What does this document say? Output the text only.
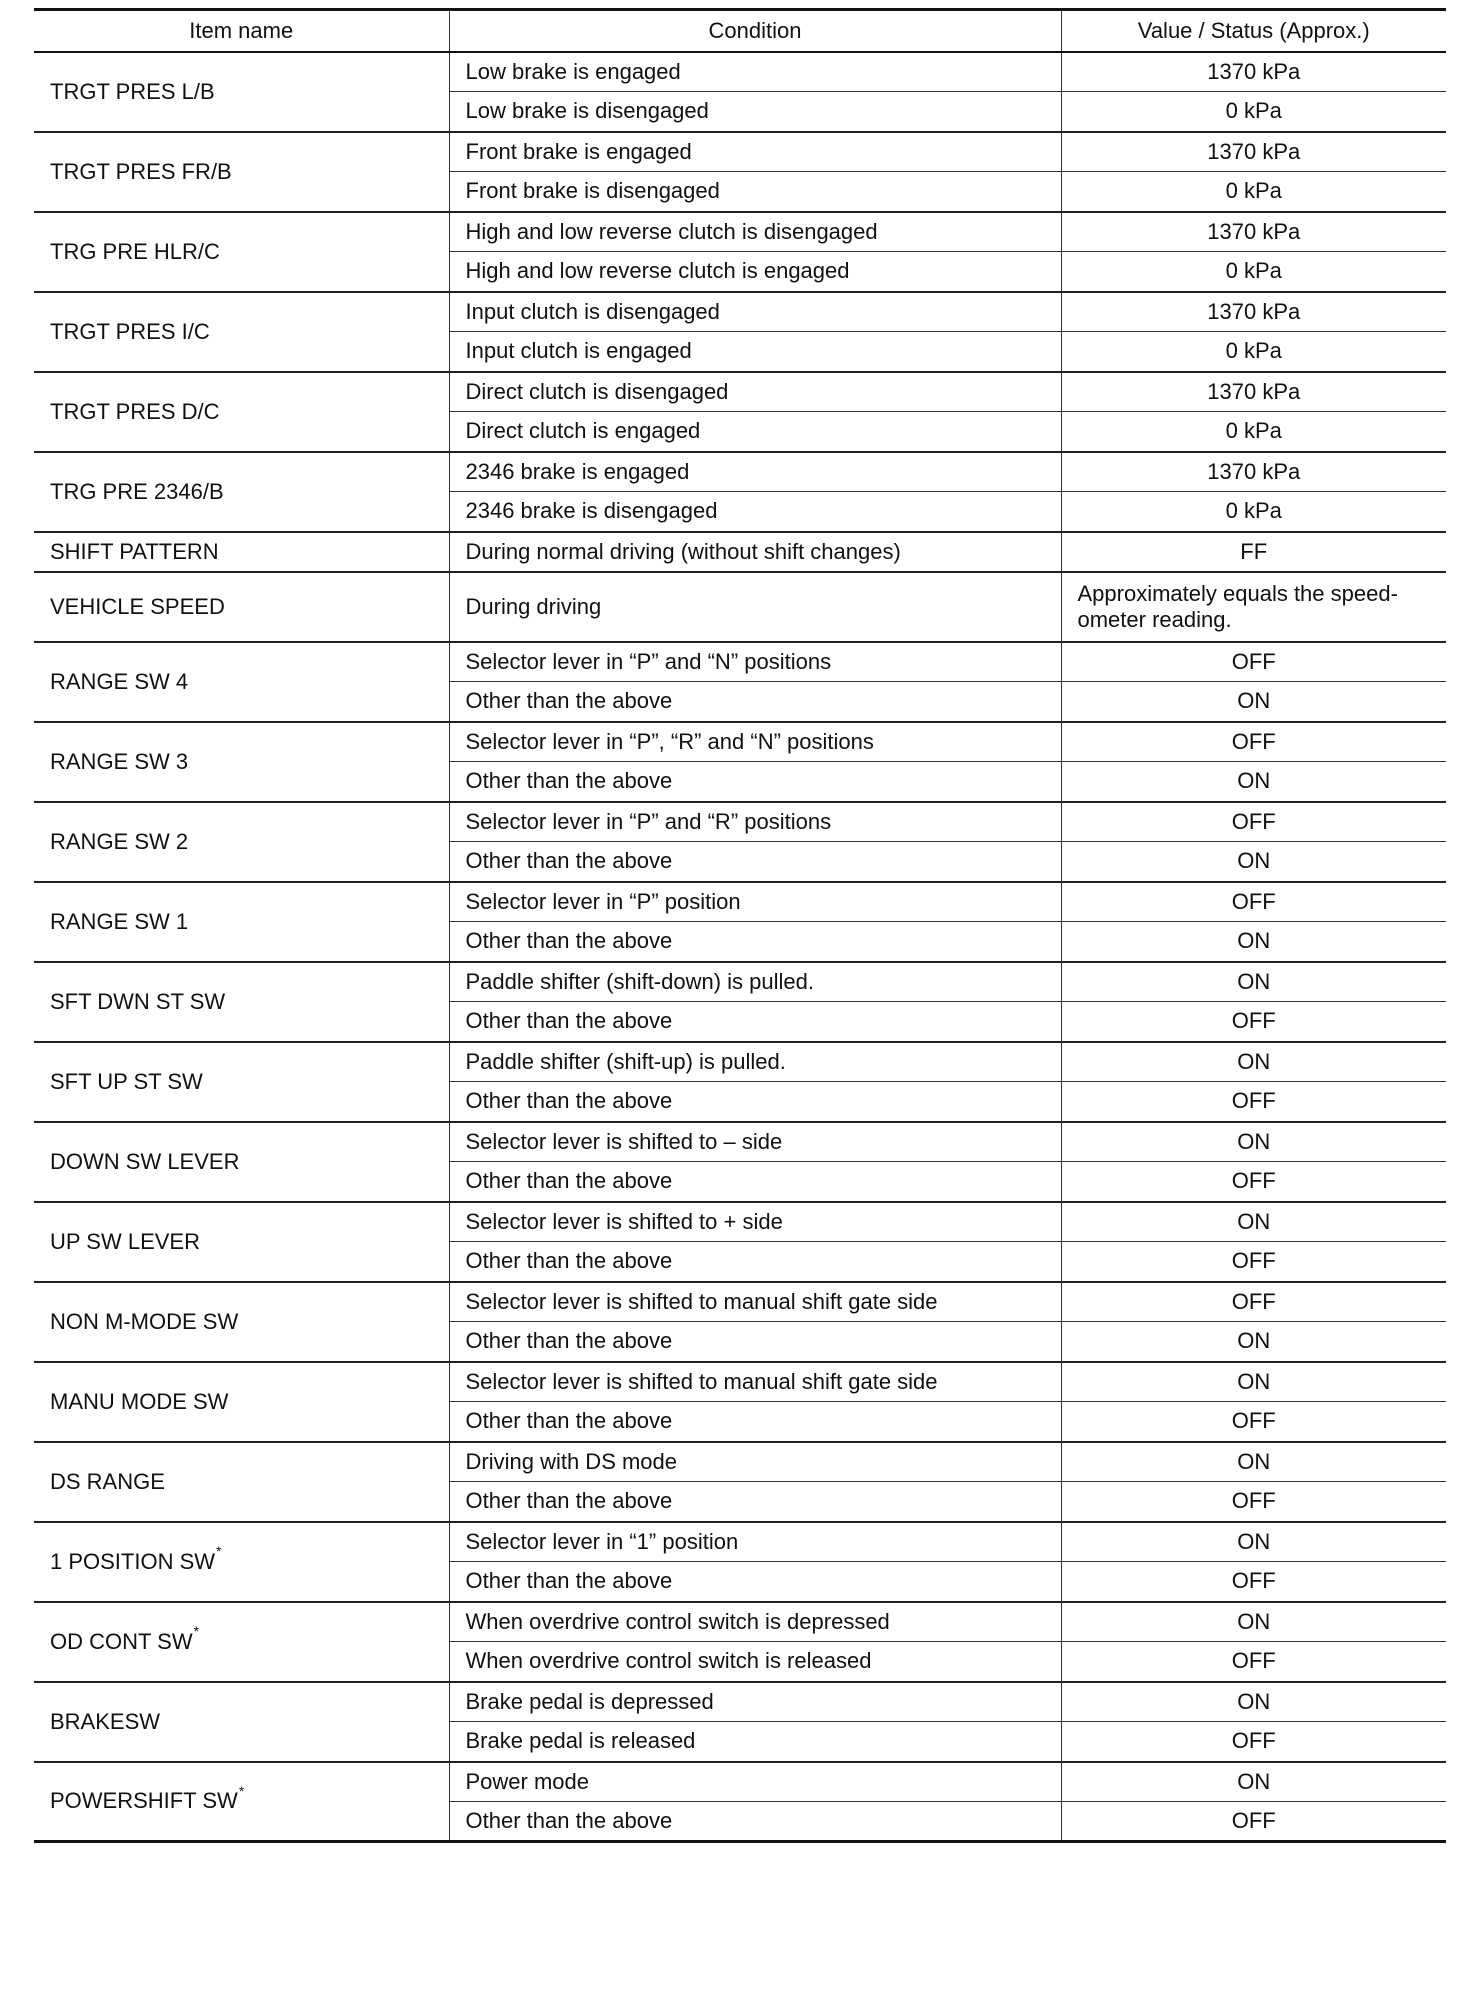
Item name	Condition	Value / Status (Approx.)
TRGT PRES L/B	Low brake is engaged	1370 kPa
	Low brake is disengaged	0 kPa
TRGT PRES FR/B	Front brake is engaged	1370 kPa
	Front brake is disengaged	0 kPa
TRG PRE HLR/C	High and low reverse clutch is disengaged	1370 kPa
	High and low reverse clutch is engaged	0 kPa
TRGT PRES I/C	Input clutch is disengaged	1370 kPa
	Input clutch is engaged	0 kPa
TRGT PRES D/C	Direct clutch is disengaged	1370 kPa
	Direct clutch is engaged	0 kPa
TRG PRE 2346/B	2346 brake is engaged	1370 kPa
	2346 brake is disengaged	0 kPa
SHIFT PATTERN	During normal driving (without shift changes)	FF
VEHICLE SPEED	During driving	Approximately equals the speed-ometer reading.
RANGE SW 4	Selector lever in “P” and “N” positions	OFF
	Other than the above	ON
RANGE SW 3	Selector lever in “P”, “R” and “N” positions	OFF
	Other than the above	ON
RANGE SW 2	Selector lever in “P” and “R” positions	OFF
	Other than the above	ON
RANGE SW 1	Selector lever in “P” position	OFF
	Other than the above	ON
SFT DWN ST SW	Paddle shifter (shift-down) is pulled.	ON
	Other than the above	OFF
SFT UP ST SW	Paddle shifter (shift-up) is pulled.	ON
	Other than the above	OFF
DOWN SW LEVER	Selector lever is shifted to – side	ON
	Other than the above	OFF
UP SW LEVER	Selector lever is shifted to + side	ON
	Other than the above	OFF
NON M-MODE SW	Selector lever is shifted to manual shift gate side	OFF
	Other than the above	ON
MANU MODE SW	Selector lever is shifted to manual shift gate side	ON
	Other than the above	OFF
DS RANGE	Driving with DS mode	ON
	Other than the above	OFF
1 POSITION SW*	Selector lever in “1” position	ON
	Other than the above	OFF
OD CONT SW*	When overdrive control switch is depressed	ON
	When overdrive control switch is released	OFF
BRAKESW	Brake pedal is depressed	ON
	Brake pedal is released	OFF
POWERSHIFT SW*	Power mode	ON
	Other than the above	OFF
